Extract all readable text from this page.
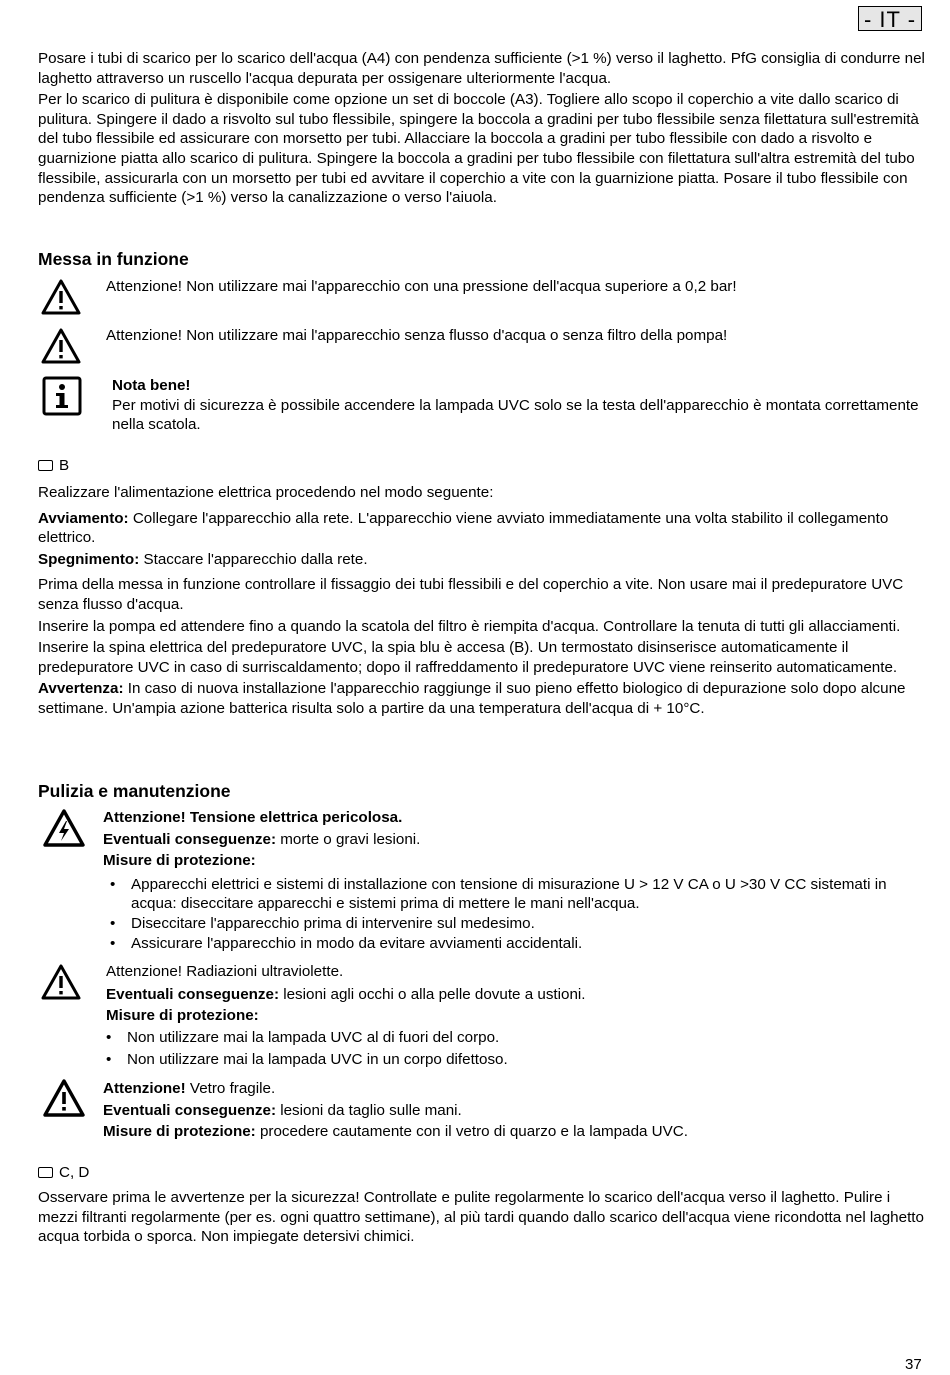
- IT -

Posare i tubi di scarico per lo scarico dell'acqua (A4) con pendenza sufficiente (>1 %) verso il laghetto. PfG consiglia di condurre nel laghetto attraverso un ruscello l'acqua depurata per ossigenare ulteriormente l'acqua.

Per lo scarico di pulitura è disponibile come opzione un set di boccole (A3). Togliere allo scopo il coperchio a vite dallo scarico di pulitura. Spingere il dado a risvolto sul tubo flessibile, spingere la boccola a gradini per tubo flessibile senza filettatura sull'estremità del tubo flessibile ed assicurare con morsetto per tubi. Allacciare la boccola a gradini per tubo flessibile con dado a risvolto e guarnizione piatta allo scarico di pulitura. Spingere la boccola a gradini per tubo flessibile con filettatura sull'altra estremità del tubo flessibile, assicurarla con un morsetto per tubi ed avvitare il coperchio a vite con la guarnizione piatta. Posare il tubo flessibile con pendenza sufficiente (>1 %) verso la canalizzazione o verso l'aiuola.

Messa in funzione
Attenzione! Non utilizzare mai l'apparecchio con una pressione dell'acqua superiore a 0,2 bar!
Attenzione! Non utilizzare mai l'apparecchio senza flusso d'acqua o senza filtro della pompa!

Nota bene!

Per motivi di sicurezza è possibile accendere la lampada UVC solo se la testa dell'apparecchio è montata correttamente nella scatola.

B

Realizzare l'alimentazione elettrica procedendo nel modo seguente:

Avviamento: Collegare l'apparecchio alla rete. L'apparecchio viene avviato immediatamente una volta stabilito il collegamento elettrico.

Spegnimento: Staccare l'apparecchio dalla rete.

Prima della messa in funzione controllare il fissaggio dei tubi flessibili e del coperchio a vite. Non usare mai il predepuratore UVC senza flusso d'acqua.

Inserire la pompa ed attendere fino a quando la scatola del filtro è riempita d'acqua. Controllare la tenuta di tutti gli allacciamenti.

Inserire la spina elettrica del predepuratore UVC, la spia blu è accesa (B). Un termostato disinserisce automaticamente il predepuratore UVC in caso di surriscaldamento; dopo il raffreddamento il predepuratore UVC viene reinserito automaticamente.

Avvertenza: In caso di nuova installazione l'apparecchio raggiunge il suo pieno effetto biologico di depurazione solo dopo alcune settimane. Un'ampia azione batterica risulta solo a partire da una temperatura dell'acqua di + 10°C.

Pulizia e manutenzione

Attenzione! Tensione elettrica pericolosa.

Eventuali conseguenze: morte o gravi lesioni.

Misure di protezione:

• Apparecchi elettrici e sistemi di installazione con tensione di misurazione U > 12 V CA o U >30 V CC sistemati in acqua: diseccitare apparecchi e sistemi prima di mettere le mani nell'acqua.
• Diseccitare l'apparecchio prima di intervenire sul medesimo.
• Assicurare l'apparecchio in modo da evitare avviamenti accidentali.

Attenzione! Radiazioni ultraviolette.

Eventuali conseguenze: lesioni agli occhi o alla pelle dovute a ustioni.

Misure di protezione:

• Non utilizzare mai la lampada UVC al di fuori del corpo.
• Non utilizzare mai la lampada UVC in un corpo difettoso.

Attenzione! Vetro fragile.

Eventuali conseguenze: lesioni da taglio sulle mani.

Misure di protezione: procedere cautamente con il vetro di quarzo e la lampada UVC.

C, D
Osservare prima le avvertenze per la sicurezza! Controllate e pulite regolarmente lo scarico dell'acqua verso il laghetto. Pulire i mezzi filtranti regolarmente (per es. ogni quattro settimane), al più tardi quando dallo scarico dell'acqua viene ricondotta nel laghetto acqua torbida o sporca. Non impiegate detersivi chimici.
37
